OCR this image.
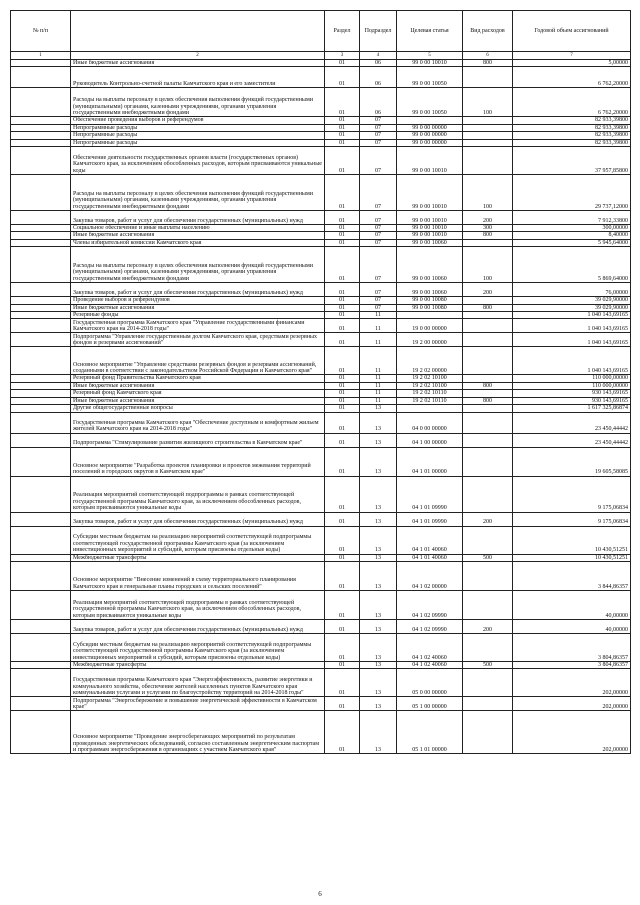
№ п/п		Раздел	Подраздел	Целевая статья	Вид расходов	Годовой объем ассигнований
1	2	3	4	5	6	7
	Иные бюджетные ассигнования	01	06	99 0 00 10010	800	5,00000
	Руководитель Контрольно-счетной палаты Камчатского края и его заместители	01	06	99 0 00 10050		6 762,20000
	Расходы на выплаты персоналу в целях обеспечения выполнения функций государственными (муниципальными) органами, казенными учреждениями, органами управления государственными внебюджетными фондами	01	06	99 0 00 10050	100	6 762,20000
	Обеспечение проведения выборов и референдумов	01	07			82 933,39800
	Непрограммные расходы	01	07	99 0 00 00000		82 933,39800
	Непрограммные расходы	01	07	99 0 00 00000		82 933,39800
	Непрограммные расходы	01	07	99 0 00 00000		82 933,39800
	Обеспечение деятельности государственных органов власти (государственных органов) Камчатского края, за исключением обособленных расходов, которым присваиваются уникальные коды	01	07	99 0 00 10010		37 957,85800
	Расходы на выплаты персоналу в целях обеспечения выполнения функций государственными (муниципальными) органами, казенными учреждениями, органами управления государственными внебюджетными фондами	01	07	99 0 00 10010	100	29 737,12000
	Закупка товаров, работ и услуг для обеспечения государственных (муниципальных) нужд	01	07	99 0 00 10010	200	7 912,33800
	Социальное обеспечение и иные выплаты населению	01	07	99 0 00 10010	300	300,00000
	Иные бюджетные ассигнования	01	07	99 0 00 10010	800	8,40000
	Члены избирательной комиссии Камчатского края	01	07	99 0 00 10060		5 945,64000
	Расходы на выплаты персоналу в целях обеспечения выполнения функций государственными (муниципальными) органами, казенными учреждениями, органами управления государственными внебюджетными фондами	01	07	99 0 00 10060	100	5 869,64000
	Закупка товаров, работ и услуг для обеспечения государственных (муниципальных) нужд	01	07	99 0 00 10060	200	76,00000
	Проведение выборов и референдумов	01	07	99 0 00 10080		39 029,90000
	Иные бюджетные ассигнования	01	07	99 0 00 10080	800	39 029,90000
	Резервные фонды	01	11			1 040 143,69165
	Государственная программа Камчатского края "Управление государственными финансами Камчатского края на 2014-2018 годы"	01	11	19 0 00 00000		1 040 143,69165
	Подпрограмма "Управление государственным долгом Камчатского края, средствами резервных фондов и резервами ассигнований"	01	11	19 2 00 00000		1 040 143,69165
	Основное мероприятие "Управление средствами резервных фондов и резервами ассигнований, созданными в соответствии с законодательством Российской Федерации и Камчатского края"	01	11	19 2 02 00000		1 040 143,69165
	Резервный фонд Правительства Камчатского края	01	11	19 2 02 10100		110 000,00000
	Иные бюджетные ассигнования	01	11	19 2 02 10100	800	110 000,00000
	Резервный фонд Камчатского края	01	11	19 2 02 10110		930 143,69165
	Иные бюджетные ассигнования	01	11	19 2 02 10110	800	930 143,69165
	Другие общегосударственные вопросы	01	13			1 617 325,86874
	Государственная программа Камчатского края "Обеспечение доступным и комфортным жильем жителей Камчатского края на 2014-2018 годы"	01	13	04 0 00 00000		23 450,44442
	Подпрограмма "Стимулирование развития жилищного строительства в Камчатском крае"	01	13	04 1 00 00000		23 450,44442
	Основное мероприятие "Разработка проектов планировки и проектов межевания территорий поселений и городских округов в Камчатском крае"	01	13	04 1 01 00000		19 605,58085
	Реализация мероприятий соответствующей подпрограммы в рамках соответствующей государственной программы Камчатского края, за исключением обособленных расходов, которым присваиваются уникальные коды	01	13	04 1 01 09990		9 175,06834
	Закупка товаров, работ и услуг для обеспечения государственных (муниципальных) нужд	01	13	04 1 01 09990	200	9 175,06834
	Субсидии местным бюджетам на реализацию мероприятий соответствующей подпрограммы соответствующей государственной программы Камчатского края (за исключением инвестиционных мероприятий и субсидий, которым присвоены отдельные коды)	01	13	04 1 01 40060		10 430,51251
	Межбюджетные трансферты	01	13	04 1 01 40060	500	10 430,51251
	Основное мероприятие "Внесение изменений в схему территориального планирования Камчатского края и генеральные планы городских и сельских поселений"	01	13	04 1 02 00000		3 844,86357
	Реализация мероприятий соответствующей подпрограммы в рамках соответствующей государственной программы Камчатского края, за исключением обособленных расходов, которым присваиваются уникальные коды	01	13	04 1 02 09990		40,00000
	Закупка товаров, работ и услуг для обеспечения государственных (муниципальных) нужд	01	13	04 1 02 09990	200	40,00000
	Субсидии местным бюджетам на реализацию мероприятий соответствующей подпрограммы соответствующей государственной программы Камчатского края (за исключением инвестиционных мероприятий и субсидий, которым присвоены отдельные коды)	01	13	04 1 02 40060		3 804,86357
	Межбюджетные трансферты	01	13	04 1 02 40060	500	3 804,86357
	Государственная программа Камчатского края "Энергоэффективность, развитие энергетики и коммунального хозяйства, обеспечение жителей населенных пунктов Камчатского края коммунальными услугами и услугами по благоустройству территорий на 2014-2018 годы"	01	13	05 0 00 00000		202,00000
	Подпрограмма "Энергосбережение и повышение энергетической эффективности в Камчатском крае"	01	13	05 1 00 00000		202,00000
	Основное мероприятие "Проведение энергосберегающих мероприятий по результатам проведенных энергетических обследований, согласно составленным энергетическим паспортам и программам энергосбережения в организациях с участием Камчатского края"	01	13	05 1 01 00000		202,00000
6
